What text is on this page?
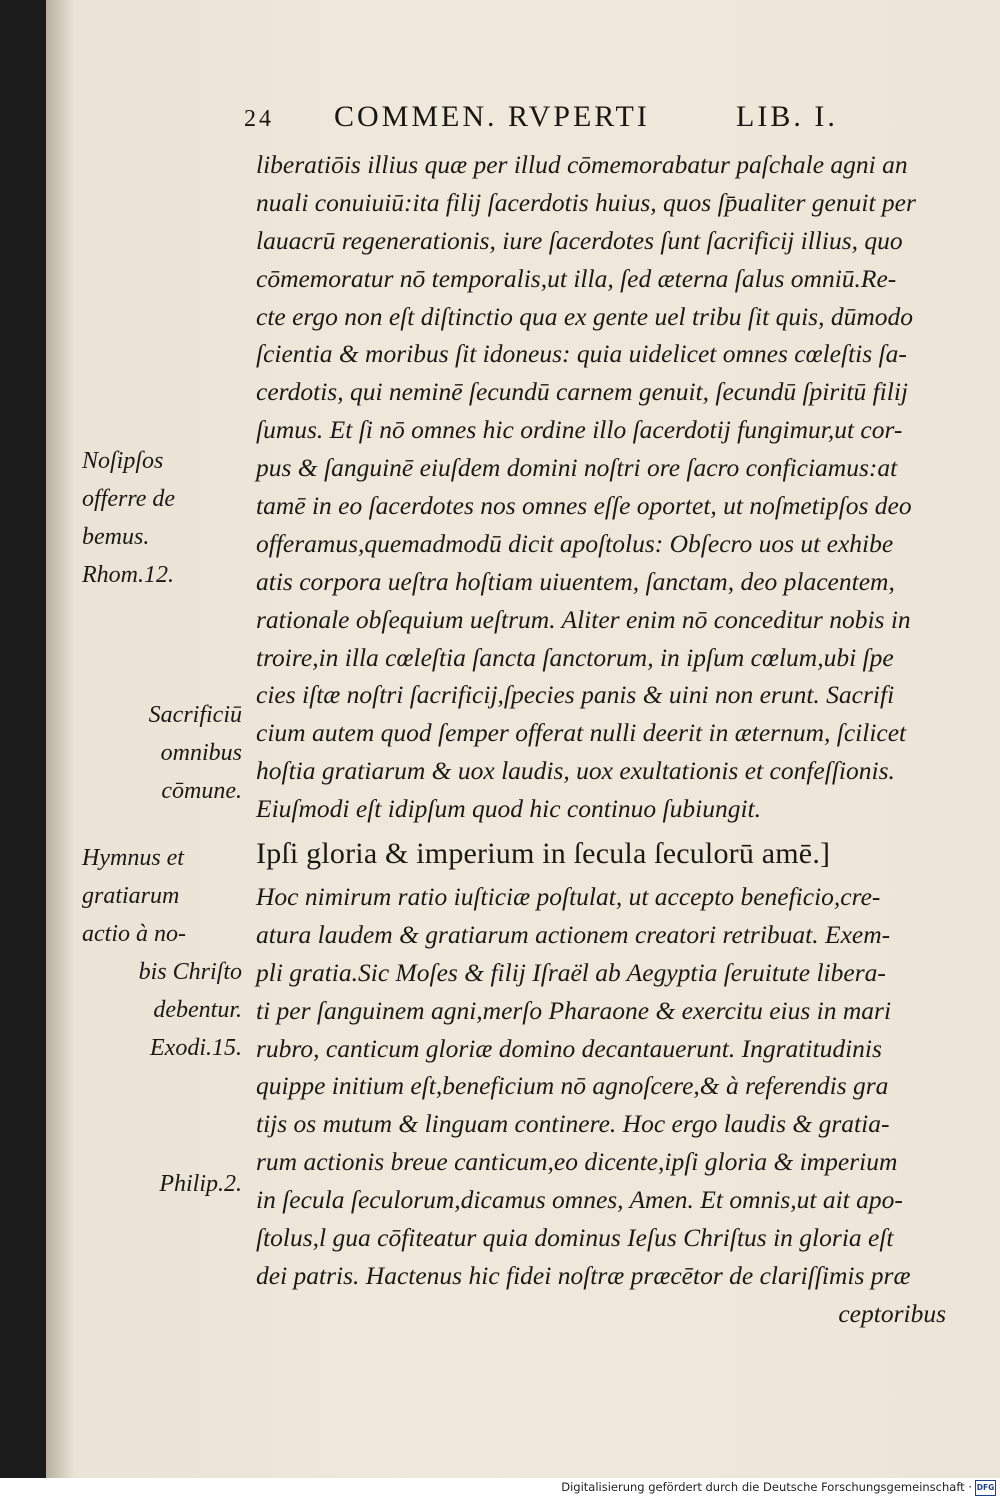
24 COMMEN. RVPERTI	LIB. I.
liberatiōis illius quæ per illud cōmemorabatur paſchale agni an
nuali conuiuiū:ita filij ſacerdotis huius, quos ſp̄ualiter genuit per
lauacrū regenerationis, iure ſacerdotes ſunt ſacrificij illius, quo
cōmemoratur nō temporalis,ut illa, ſed æterna ſalus omniū.Re-
cte ergo non eſt diſtinctio qua ex gente uel tribu ſit quis, dūmodo
ſcientia & moribus ſit idoneus: quia uidelicet omnes cœleſtis ſa-
cerdotis, qui neminē ſecundū carnem genuit, ſecundū ſpiritū filij
ſumus. Et ſi nō omnes hic ordine illo ſacerdotij fungimur,ut cor-
pus & ſanguinē eiuſdem domini noſtri ore ſacro conficiamus:at
tamē in eo ſacerdotes nos omnes eſſe oportet, ut noſmetipſos deo
offeramus,quemadmodū dicit apoſtolus: Obſecro uos ut exhibe
atis corpora ueſtra hoſtiam uiuentem, ſanctam, deo placentem,
rationale obſequium ueſtrum. Aliter enim nō conceditur nobis in
troire,in illa cœleſtia ſancta ſanctorum, in ipſum cœlum,ubi ſpe
cies iſtæ noſtri ſacrificij,ſpecies panis & uini non erunt. Sacrifi
cium autem quod ſemper offerat nulli deerit in æternum, ſcilicet
hoſtia gratiarum & uox laudis, uox exultationis et confeſſionis.
Eiuſmodi eſt idipſum quod hic continuo ſubiungit.
Ipſi gloria & imperium in ſecula ſeculorū amē.]
Hoc nimirum ratio iuſticiæ poſtulat, ut accepto beneficio,cre-
atura laudem & gratiarum actionem creatori retribuat. Exem-
pli gratia.Sic Moſes & filij Iſraël ab Aegyptia ſeruitute libera-
ti per ſanguinem agni,merſo Pharaone & exercitu eius in mari
rubro, canticum gloriæ domino decantauerunt. Ingratitudinis
quippe initium eſt,beneficium nō agnoſcere,& à referendis gra
tijs os mutum & linguam continere. Hoc ergo laudis & gratia-
rum actionis breue canticum,eo dicente,ipſi gloria & imperium
in ſecula ſeculorum,dicamus omnes, Amen. Et omnis,ut ait apo-
ſtolus,l gua cōfiteatur quia dominus Ieſus Chriſtus in gloria eſt
dei patris. Hactenus hic fidei noſtræ præcētor de clariſſimis præ
ceptoribus
Noſipſos
offerre de
bemus.
Rhom.12.
Sacrificiū
omnibus
cōmune.
Hymnus et
gratiarum
actio à no-
bis Chriſto
debentur.
Exodi.15.
Philip.2.
Digitalisierung gefördert durch die Deutsche Forschungsgemeinschaft · DFG
